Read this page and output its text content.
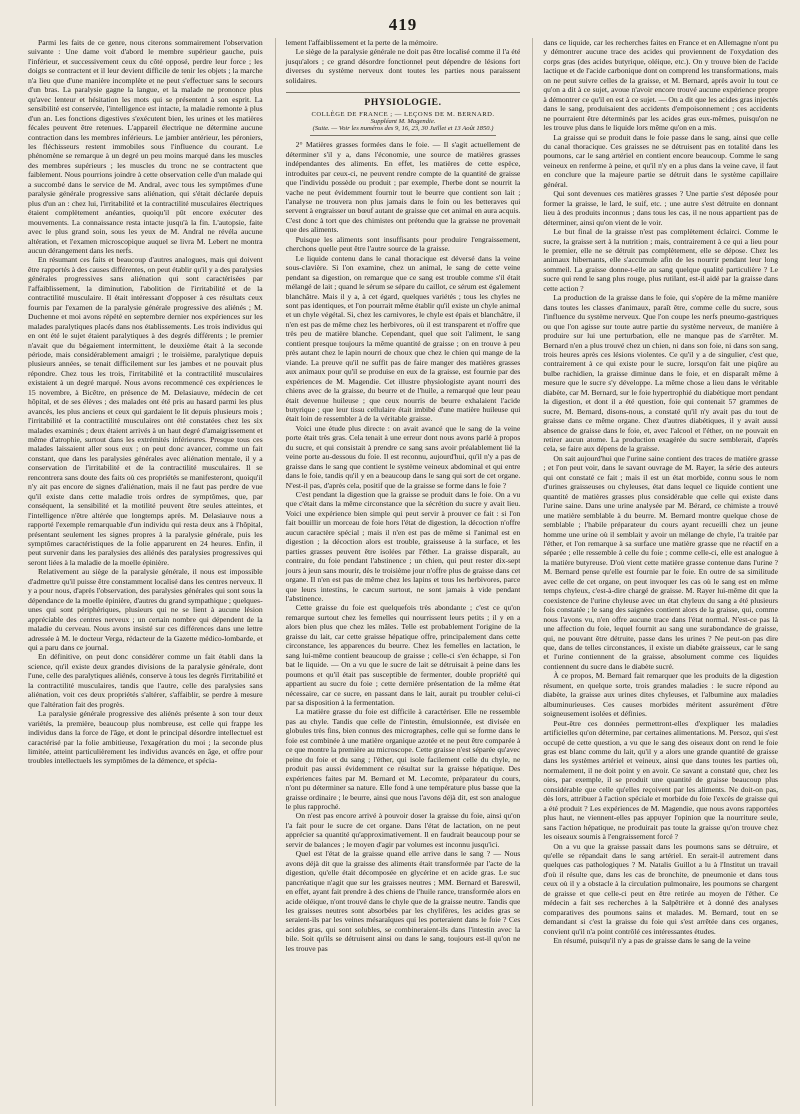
419

Parmi les faits de ce genre, nous citerons sommairement l'observation suivante : Une dame voit d'abord le membre supérieur gauche, puis l'inférieur, et successivement ceux du côté opposé, perdre leur force ; les doigts se contractent et il leur devient difficile de tenir les objets ; la marche n'a lieu que d'une manière incomplète et ne peut s'effectuer sans le secours d'un bras. La paralysie gagne la langue, et la malade ne prononce plus qu'avec lenteur et hésitation les mots qui se présentent à son esprit. La sensibilité est conservée, l'intelligence est intacte, la maladie remonte à plus d'un an. Les fonctions digestives s'exécutent bien, les urines et les matières fécales peuvent être retenues. L'appareil électrique ne détermine aucune contraction dans les membres inférieurs. Le jambier antérieur, les péroniers, les fléchisseurs restent immobiles sous l'influence du courant. Le phénomène se remarque à un degré un peu moins marqué dans les muscles des membres supérieurs ; les muscles du tronc ne se contractent que faiblement. Nous pourrions joindre à cette observation celle d'un malade qui a succombé dans le service de M. Andral, avec tous les symptômes d'une paralysie générale progressive sans aliénation, qui s'était déclarée depuis plus d'un an : chez lui, l'irritabilité et la contractilité musculaires électriques étaient complètement anéanties, quoiqu'il pût encore exécuter des mouvements. La connaissance resta intacte jusqu'à la fin. L'autopsie, faite avec le plus grand soin, sous les yeux de M. Andral ne révéla aucune altération, et l'examen microscopique auquel se livra M. Lebert ne montra aucun dérangement dans les nerfs.

En résumant ces faits et beaucoup d'autres analogues, mais qui doivent être rapportés à des causes différentes, on peut établir qu'il y a des paralysies générales progressives sans aliénation qui sont caractérisées par l'affaiblissement, la diminution, l'abolition de l'irritabilité et de la contractilité musculaire. Il était intéressant d'opposer à ces résultats ceux fournis par l'examen de la paralysie générale progressive des aliénés ; M. Duchenne et moi avons répété en septembre dernier nos expériences sur les malades paralytiques placés dans nos établissements. Les trois individus qui en ont été le sujet étaient paralytiques à des degrés différents ; le premier n'avait que du bégaiement intermittent, le deuxième était à la seconde période, mais considérablement amaigri ; le troisième, paralytique depuis plusieurs années, se tenait difficilement sur les jambes et ne pouvait plus répondre. Chez tous les trois, l'irritabilité et la contractilité musculaires existaient à un degré marqué. Nous avons recommencé ces expériences le 15 novembre, à Bicêtre, en présence de M. Delasiauve, médecin de cet hôpital, et de ses élèves ; des malades ont été pris au hasard parmi les plus avancés, les plus anciens et ceux qui gardaient le lit depuis plusieurs mois ; l'irritabilité et la contractilité musculaires ont été constatées chez les six malades examinés ; deux étaient arrivés à un haut degré d'amaigrissement et même d'atrophie, surtout dans les extrémités inférieures. Presque tous ces malades laissaient aller sous eux ; on peut donc avancer, comme un fait constant, que dans les paralysies générales avec aliénation mentale, il y a conservation de l'irritabilité et de la contractilité musculaires. Il se rencontrera sans doute des faits où ces propriétés se manifesteront, quoiqu'il n'y ait pas encore de signes d'aliénation, mais il ne faut pas perdre de vue qu'il existe dans cette maladie trois ordres de symptômes, que, par conséquent, la sensibilité et la motilité peuvent être seules atteintes, et l'intelligence n'être altérée que longtemps après. M. Delasiauve nous a rapporté l'exemple remarquable d'un individu qui resta deux ans à l'hôpital, présentant seulement les signes propres à la paralysie générale, puis les symptômes caractéristiques de la folie apparurent en 24 heures. Enfin, il peut survenir dans les paralysies des aliénés des paralysies progressives qui seront liées à la maladie de la moelle épinière.

Relativement au siège de la paralysie générale, il nous est impossible d'admettre qu'il puisse être constamment localisé dans les centres nerveux. Il y a pour nous, d'après l'observation, des paralysies générales qui sont sous la dépendance de la moelle épinière, d'autres du grand sympathique ; quelques-unes qui sont périphériques, plusieurs qui ne se lient à aucune lésion appréciable des centres nerveux ; un certain nombre qui dépendent de la maladie du cerveau. Nous avons insisté sur ces différences dans une lettre adressée à M. le docteur Verga, rédacteur de la Gazette médico-lombarde, et qui a paru dans ce journal.

En définitive, on peut donc considérer comme un fait établi dans la science, qu'il existe deux grandes divisions de la paralysie générale, dont l'une, celle des paralytiques aliénés, conserve à tous les degrés l'irritabilité et la contractilité musculaires, tandis que l'autre, celle des paralysies sans aliénation, voit ces deux propriétés s'altérer, s'affaiblir, se perdre à mesure que l'altération fait des progrès.

La paralysie générale progressive des aliénés présente à son tour deux variétés, la première, beaucoup plus nombreuse, est celle qui frappe les individus dans la force de l'âge, et dont le principal désordre intellectuel est caractérisé par la folie ambitieuse, l'exagération du moi ; la seconde plus limitée, atteint particulièrement les individus avancés en âge, et offre pour troubles intellectuels les symptômes de la démence, et spécia-

lement l'affaiblissement et la perte de la mémoire.

Le siège de la paralysie générale ne doit pas être localisé comme il l'a été jusqu'alors ; ce grand désordre fonctionnel peut dépendre de lésions fort diverses du système nerveux dont toutes les parties nous paraissent solidaires.

PHYSIOLOGIE.
COLLÈGE DE FRANCE ; — LEÇONS DE M. BERNARD.
Suppléant M. Magendie.
(Suite. — Voir les numéros des 9, 16, 23, 30 Juillet et 13 Août 1850.)

2° Matières grasses formées dans le foie. — Il s'agit actuellement de déterminer s'il y a, dans l'économie, une source de matières grasses indépendantes des aliments. En effet, les matières de cette espèce, introduites par ceux-ci, ne peuvent rendre compte de la quantité de graisse que l'individu possède ou produit ; par exemple, l'herbe dont se nourrit la vache ne peut évidemment fournir tout le beurre que contient son lait ; l'analyse ne trouvera non plus jamais dans le foin ou les betteraves qui servent à engraisser un bœuf autant de graisse que cet animal en aura acquis. C'est donc à tort que des chimistes ont prétendu que la graisse ne provenait que des aliments.

Puisque les aliments sont insuffisants pour produire l'engraissement, cherchons quelle peut être l'autre source de la graisse.

Le liquide contenu dans le canal thoracique est déversé dans la veine sous-clavière. Si l'on examine, chez un animal, le sang de cette veine pendant sa digestion, on remarque que ce sang est trouble comme s'il était mélangé de lait ; quand le sérum se sépare du caillot, ce sérum est également blanchâtre. Mais il y a, à cet égard, quelques variétés ; tous les chyles ne sont pas identiques, et l'on pourrait même établir qu'il existe un chyle animal et un chyle végétal. Si, chez les carnivores, le chyle est épais et blanchâtre, il n'en est pas de même chez les herbivores, où il est transparent et n'offre que très peu de matière blanche. Cependant, quel que soit l'aliment, le sang contient presque toujours la même quantité de graisse ; on en trouve à peu près autant chez le lapin nourri de choux que chez le chien qui mange de la viande. La preuve qu'il ne suffit pas de faire manger des matières grasses aux animaux pour qu'il se produise en eux de la graisse, est fournie par des expériences de M. Magendie. Cet illustre physiologiste ayant nourri des chiens avec de la graisse, du beurre et de l'huile, a remarqué que leur peau était devenue huileuse ; que ceux nourris de beurre exhalaient l'acide butyrique ; que leur tissu cellulaire était imbibé d'une matière huileuse qui était loin de ressembler à de la véritable graisse.

Voici une étude plus directe : on avait avancé que le sang de la veine porte était très gras. Cela tenait à une erreur dont nous avons parlé à propos du sucre, et qui consistait à prendre ce sang sans avoir préalablement lié la veine porte au-dessous du foie. Il est reconnu, aujourd'hui, qu'il n'y a pas de graisse dans le sang que contient le système veineux abdominal et qui entre dans le foie, tandis qu'il y en a beaucoup dans le sang qui sort de cet organe. N'est-il pas, d'après cela, positif que de la graisse se forme dans le foie ?

C'est pendant la digestion que la graisse se produit dans le foie. On a vu que c'était dans la même circonstance que la sécrétion du sucre y avait lieu. Voici une expérience bien simple qui peut servir à prouver ce fait : si l'on fait bouillir un morceau de foie hors l'état de digestion, la décoction n'offre aucun caractère spécial ; mais il n'en est pas de même si l'animal est en digestion ; la décoction alors est trouble, graisseuse à la surface, et les parties grasses peuvent être isolées par l'éther. La graisse disparaît, au contraire, du foie pendant l'abstinence ; un chien, qui peut rester dix-sept jours à jeun sans mourir, dès le troisième jour n'offre plus de graisse dans cet organe. Il n'en est pas de même chez les lapins et tous les herbivores, parce que leurs intestins, le cæcum surtout, ne sont jamais à vide pendant l'abstinence.

Cette graisse du foie est quelquefois très abondante ; c'est ce qu'on remarque surtout chez les femelles qui nourrissent leurs petits ; il y en a alors bien plus que chez les mâles. Telle est probablement l'origine de la graisse du lait, car cette graisse hépatique offre, principalement dans cette circonstance, les apparences du beurre. Chez les femelles en lactation, le sang lui-même contient beaucoup de graisse ; celle-ci s'en échappe, si l'on bat le liquide. — On a vu que le sucre de lait se détruisait à peine dans les poumons et qu'il était pas susceptible de fermenter, double propriété qui appartient au sucre du foie ; cette dernière présentation de la même état nécessaire, car ce sucre, en passant dans le lait, aurait pu troubler celui-ci par sa disposition à la fermentation.

La matière grasse du foie est difficile à caractériser. Elle ne ressemble pas au chyle. Tandis que celle de l'intestin, émulsionnée, est divisée en globules très fins, bien connus des micrographes, celle qui se forme dans le foie est combinée à une matière organique azotée et ne peut être comparée à ce que montre la première au microscope. Cette graisse n'est séparée qu'avec peine du foie et du sang ; l'éther, qui isole facilement celle du chyle, ne produit pas aussi évidemment ce résultat sur la graisse hépatique. Des expériences faites par M. Bernard et M. Lecomte, préparateur du cours, n'ont pu déterminer sa nature. Elle fond à une température plus basse que la graisse ordinaire ; le beurre, ainsi que nous l'avons déjà dit, est son analogue le plus rapproché.

On n'est pas encore arrivé à pouvoir doser la graisse du foie, ainsi qu'on l'a fait pour le sucre de cet organe. Dans l'état de lactation, on ne peut apprécier sa quantité qu'approximativement. Il en faudrait beaucoup pour se servir de balances ; le moyen d'agir par volumes est inconnu jusqu'ici.

Quel est l'état de la graisse quand elle arrive dans le sang ? — Nous avons déjà dit que la graisse des aliments était transformée par l'acte de la digestion, qu'elle était décomposée en glycérine et en acide gras. Le suc pancréatique n'agit que sur les graisses neutres ; MM. Bernard et Bareswil, en effet, ayant fait prendre à des chiens de l'huile rance, transformée alors en acide oléique, n'ont trouvé dans le chyle que de la graisse neutre. Tandis que les graisses neutres sont absorbées par les chylifères, les acides gras se seraient-ils par les veines mésaraïques qui les porteraient dans le foie ? Ces acides gras, qui sont solubles, se combineraient-ils dans l'intestin avec la bile. Soit qu'ils se détruisent ainsi ou dans le sang, toujours est-il qu'on ne les trouve pas

dans ce liquide, car les recherches faites en France et en Allemagne n'ont pu y démontrer aucune trace des acides qui proviennent de l'oxydation des corps gras (des acides butyrique, oléique, etc.). On y trouve bien de l'acide lactique et de l'acide carbonique dont on comprend les transformations, mais on ne peut suivre celles de la graisse, et M. Bernard, après avoir lu tout ce qu'on a dit à ce sujet, avoue n'avoir encore trouvé aucune expérience propre à démontrer ce qu'il en est à ce sujet. — On a dit que les acides gras injectés dans le sang, produisaient des accidents d'empoisonnement ; ces accidents ne pourraient être déterminés par les acides gras eux-mêmes, puisqu'on ne les trouve plus dans le liquide lors même qu'on en a mis.

La graisse qui se produit dans le foie passe dans le sang, ainsi que celle du canal thoracique. Ces graisses ne se détruisent pas en totalité dans les poumons, car le sang artériel en contient encore beaucoup. Comme le sang veineux en renferme à peine, et qu'il n'y en a plus dans la veine cave, il faut en conclure que la majeure partie se détruit dans le système capillaire général.

Qui sont devenues ces matières grasses ? Une partie s'est déposée pour former la graisse, le lard, le suif, etc. ; une autre s'est détruite en donnant lieu à des produits inconnus ; dans tous les cas, il ne nous appartient pas de déterminer, ainsi qu'on vient de le voir.

Le but final de la graisse n'est pas complètement éclairci. Comme le sucre, la graisse sert à la nutrition ; mais, contrairement à ce qui a lieu pour le premier, elle ne se détruit pas complètement, elle se dépose. Chez les animaux hibernants, elle s'accumule afin de les nourrir pendant leur long sommeil. La graisse donne-t-elle au sang quelque qualité particulière ? Le sucre qui rend le sang plus rouge, plus rutilant, est-il aidé par la graisse dans cette action ?

La production de la graisse dans le foie, qui s'opère de la même manière dans toutes les classes d'animaux, paraît être, comme celle du sucre, sous l'influence du système nerveux. Que l'on coupe les nerfs pneumo-gastriques ou que l'on agisse sur toute autre partie du système nerveux, de manière à produire sur lui une perturbation, elle ne manque pas de s'arrêter. M. Bernard n'en a plus trouvé chez un chien, ni dans son foie, ni dans son sang, trois heures après ces lésions violentes. Ce qu'il y a de singulier, c'est que, contrairement à ce qui existe pour le sucre, lorsqu'on fait une piqûre au bulbe rachidien, la graisse diminue dans le foie, et en disparaît même à mesure que le sucre s'y développe. La même chose a lieu dans le véritable diabète, car M. Bernard, sur le foie hypertrophié du diabétique mort pendant la digestion, et dont il a été question, foie qui contenait 57 grammes de sucre, M. Bernard, disons-nous, a constaté qu'il n'y avait pas du tout de graisse dans ce même organe. Chez d'autres diabétiques, il y avait aussi absence de graisse dans le foie, et, avec l'alcool et l'éther, on ne pouvait en retirer aucun atome. La production exagérée du sucre semblerait, d'après cela, se faire aux dépens de la graisse.

On sait aujourd'hui que l'urine saine contient des traces de matière grasse ; et l'on peut voir, dans le savant ouvrage de M. Rayer, la série des auteurs qui ont constaté ce fait ; mais il est un état morbide, connu sous le nom d'urines graisseuses ou chyleuses, état dans lequel ce liquide contient une quantité de matières grasses plus considérable que celle qui existe dans l'urine saine. Dans une urine analysée par M. Bérard, ce chimiste a trouvé une matière semblable à du beurre. M. Bernard montre quelque chose de semblable ; l'habile préparateur du cours ayant recueilli chez un jeune homme une urine où il semblait y avoir un mélange de chyle, l'a traitée par l'éther, et l'on remarque à sa surface une matière grasse que ne réactif en a séparée ; elle ressemble à celle du foie ; comme celle-ci, elle est analogue à la matière butyreuse. D'où vient cette matière grasse contenue dans l'urine ? M. Bernard pense qu'elle est fournie par le foie. En outre de sa similitude avec celle de cet organe, on peut invoquer les cas où le sang est en même temps chyleux, c'est-à-dire chargé de graisse. M. Rayer lui-même dit que la coexistence de l'urine chyleuse avec un état chyleux du sang a été plusieurs fois constatée ; le sang des saignées contient alors de la graisse, qui, comme nous l'avons vu, n'en offre aucune trace dans l'état normal. N'est-ce pas là une affection du foie, lequel fournit au sang une surabondance de graisse, qui, ne pouvant être détruite, passe dans les urines ? Ne peut-on pas dire que, dans de telles circonstances, il existe un diabète graisseux, car le sang et l'urine contiennent de la graisse, absolument comme ces liquides contiennent du sucre dans le diabète sucré.

À ce propos, M. Bernard fait remarquer que les produits de la digestion résument, en quelque sorte, trois grandes maladies : le sucre répond au diabète, la graisse aux urines dites chyleuses, et l'albumine aux maladies albuminurieuses. Ces causes morbides méritent assurément d'être soigneusement isolées et définies.

Peut-être ces données permettront-elles d'expliquer les maladies artificielles qu'on détermine, par certaines alimentations. M. Persoz, qui s'est occupé de cette question, a vu que le sang des oiseaux dont on rend le foie gras est blanc comme du lait, qu'il y a alors une grande quantité de graisse dans les systèmes artériel et veineux, ainsi que dans toutes les parties où, normalement, il ne doit point y en avoir. Ce savant a constaté que, chez les oies, par exemple, il se produit une quantité de graisse beaucoup plus considérable que celle qu'elles reçoivent par les aliments. Ne doit-on pas, dès lors, attribuer à l'action spéciale et morbide du foie l'excès de graisse qui a été produit ? Les expériences de M. Magendie, que nous avons rapportées plus haut, ne viennent-elles pas appuyer l'opinion que la nourriture seule, sans l'action hépatique, ne produirait pas toute la graisse qu'on trouve chez les oiseaux soumis à l'engraissement forcé ?

On a vu que la graisse passait dans les poumons sans se détruire, et qu'elle se répandait dans le sang artériel. En serait-il autrement dans quelques cas pathologiques ? M. Natalis Guillot a lu à l'Institut un travail d'où il résulte que, dans les cas de bronchite, de pneumonie et dans tous ceux où il y a obstacle à la circulation pulmonaire, les poumons se chargent de graisse et que celle-ci peut en être retirée au moyen de l'éther. Ce médecin a fait ses recherches à la Salpêtrière et à donné des analyses comparatives des poumons sains et malades. M. Bernard, tout en se demandant si c'est la graisse du foie qui s'est arrêtée dans ces organes, convient qu'il n'a point contrôlé ces intéressantes études.

En résumé, puisqu'il n'y a pas de graisse dans le sang de la veine
